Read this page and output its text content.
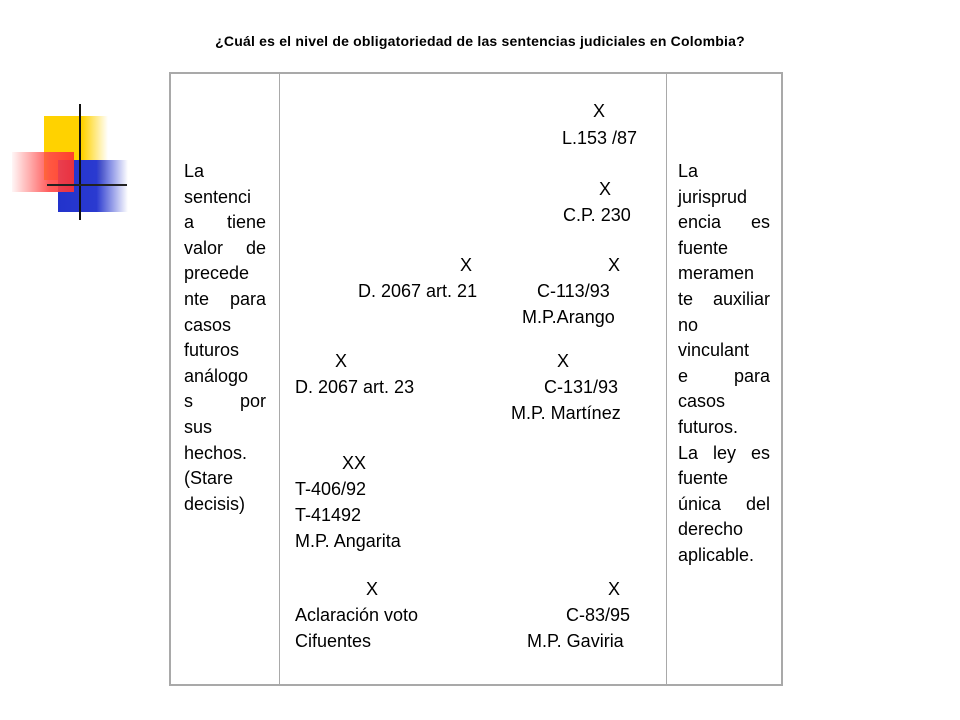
¿Cuál es el nivel de obligatoriedad de las sentencias judiciales en Colombia?
La
sentenci
a tiene
valor de
precede
nte para
casos
futuros
análogo
s	por
sus
hechos.
(Stare
decisis)
La
jurisprud
encia es
fuente
meramen
te auxiliar
no
vinculant
e	para
casos
futuros.
La ley es
fuente
única del
derecho
aplicable.
X
L.153 /87
X
C.P. 230
X
D. 2067 art. 21
X
C-113/93
M.P.Arango
X
D. 2067 art. 23
X
C-131/93
M.P. Martínez
XX
T-406/92
T-41492
M.P. Angarita
X
Aclaración voto
Cifuentes
X
C-83/95
M.P. Gaviria
